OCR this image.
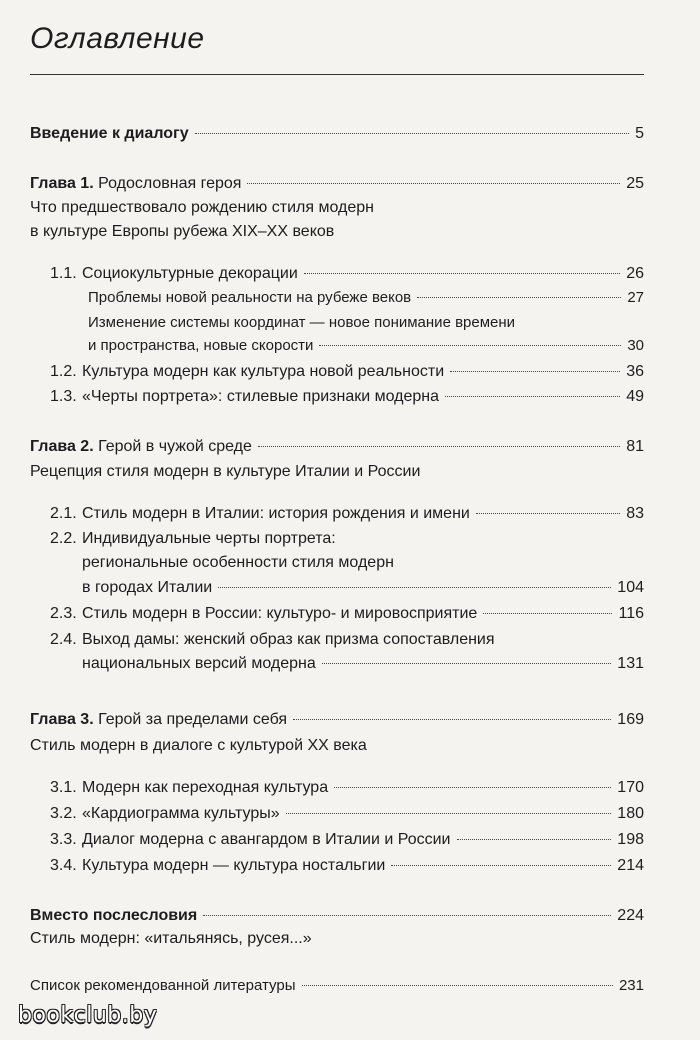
Оглавление
Введение к диалогу	5
Глава 1. Родословная героя	25
Что предшествовало рождению стиля модерн
в культуре Европы рубежа XIX–XX веков
1.1. Социокультурные декорации	26
Проблемы новой реальности на рубеже веков	27
Изменение системы координат — новое понимание времени
и пространства, новые скорости	30
1.2. Культура модерн как культура новой реальности	36
1.3. «Черты портрета»: стилевые признаки модерна	49
Глава 2. Герой в чужой среде	81
Рецепция стиля модерн в культуре Италии и России
2.1. Стиль модерн в Италии: история рождения и имени	83
2.2. Индивидуальные черты портрета:
региональные особенности стиля модерн
в городах Италии	104
2.3. Стиль модерн в России: культуро- и мировосприятие	116
2.4. Выход дамы: женский образ как призма сопоставления
национальных версий модерна	131
Глава 3. Герой за пределами себя	169
Стиль модерн в диалоге с культурой XX века
3.1. Модерн как переходная культура	170
3.2. «Кардиограмма культуры»	180
3.3. Диалог модерна с авангардом в Италии и России	198
3.4. Культура модерн — культура ностальгии	214
Вместо послесловия	224
Стиль модерн: «итальянясь, русея...»
Список рекомендованной литературы	231
bookclub.by
